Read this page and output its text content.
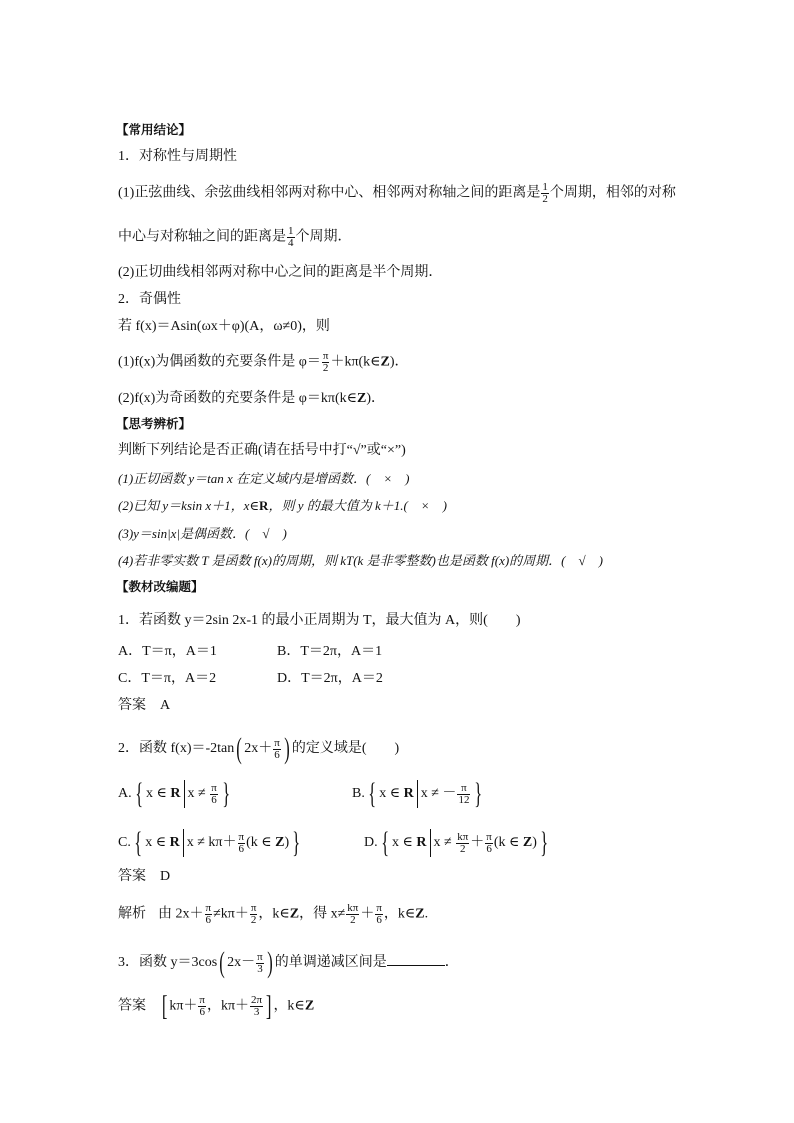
【常用结论】
1．对称性与周期性
(1)正弦曲线、余弦曲线相邻两对称中心、相邻两对称轴之间的距离是 $\frac{1}{2}$ 个周期，相邻的对称
中心与对称轴之间的距离是 $\frac{1}{4}$ 个周期．
(2)正切曲线相邻两对称中心之间的距离是半个周期．
2．奇偶性
若 f(x)＝Asin(ωx＋φ)(A，ω≠0)，则
(1)f(x)为偶函数的充要条件是 $\varphi= \frac{\pi}{2}$ ＋kπ(k∈Z)．
(2)f(x)为奇函数的充要条件是 φ＝kπ(k∈Z)．
【思考辨析】
判断下列结论是否正确(请在括号中打“√”或“×”)
(1)正切函数 y＝tan x 在定义域内是增函数．(　×　)
(2)已知 y＝ksin x＋1，x∈R，则 y 的最大值为 k＋1.(　×　)
(3)y＝sin|x|是偶函数．(　√　)
(4)若非零实数 T 是函数 f(x)的周期，则 kT(k 是非零整数)也是函数 f(x)的周期．(　√　)
【教材改编题】
1．若函数 y＝2sin 2x-1 的最小正周期为 T，最大值为 A，则(　　)
A．T＝π，A＝1	B．T＝2π，A＝1
C．T＝π，A＝2	D．T＝2π，A＝2
答案 A
2．函数 f(x)＝-2tan( $2x+ \frac{\pi}{6}$ ) 的定义域是(　　)
A. { x ∈ R $x \ne \frac{\pi}{6}$ }	B. { x ∈ R x ≠ － $\frac{\pi}{12}$ }
C. { x ∈ R $x \ne k\pi+ \frac{\pi}{6} (k$ ∈ Z) }	D. { x ∈ R $x \ne \frac{k\pi}{2} + \frac{\pi}{6} (k$ ∈ Z) }
答案 D
解析 由 $2x+ \frac{\pi}{6} \ne k\pi+ \frac{\pi}{2}$ ，k∈Z，得 $x\ne \frac{k\pi}{2} + \frac{\pi}{6}$ ，k∈Z.
3．函数 y＝3cos( $2x- \frac{\pi}{3}$ ) 的单调递减区间是	．
答案 [ $k\pi+ \frac{\pi}{6}$ ，$k\pi+ \frac{2\pi}{3}$ ] ，k∈Z
